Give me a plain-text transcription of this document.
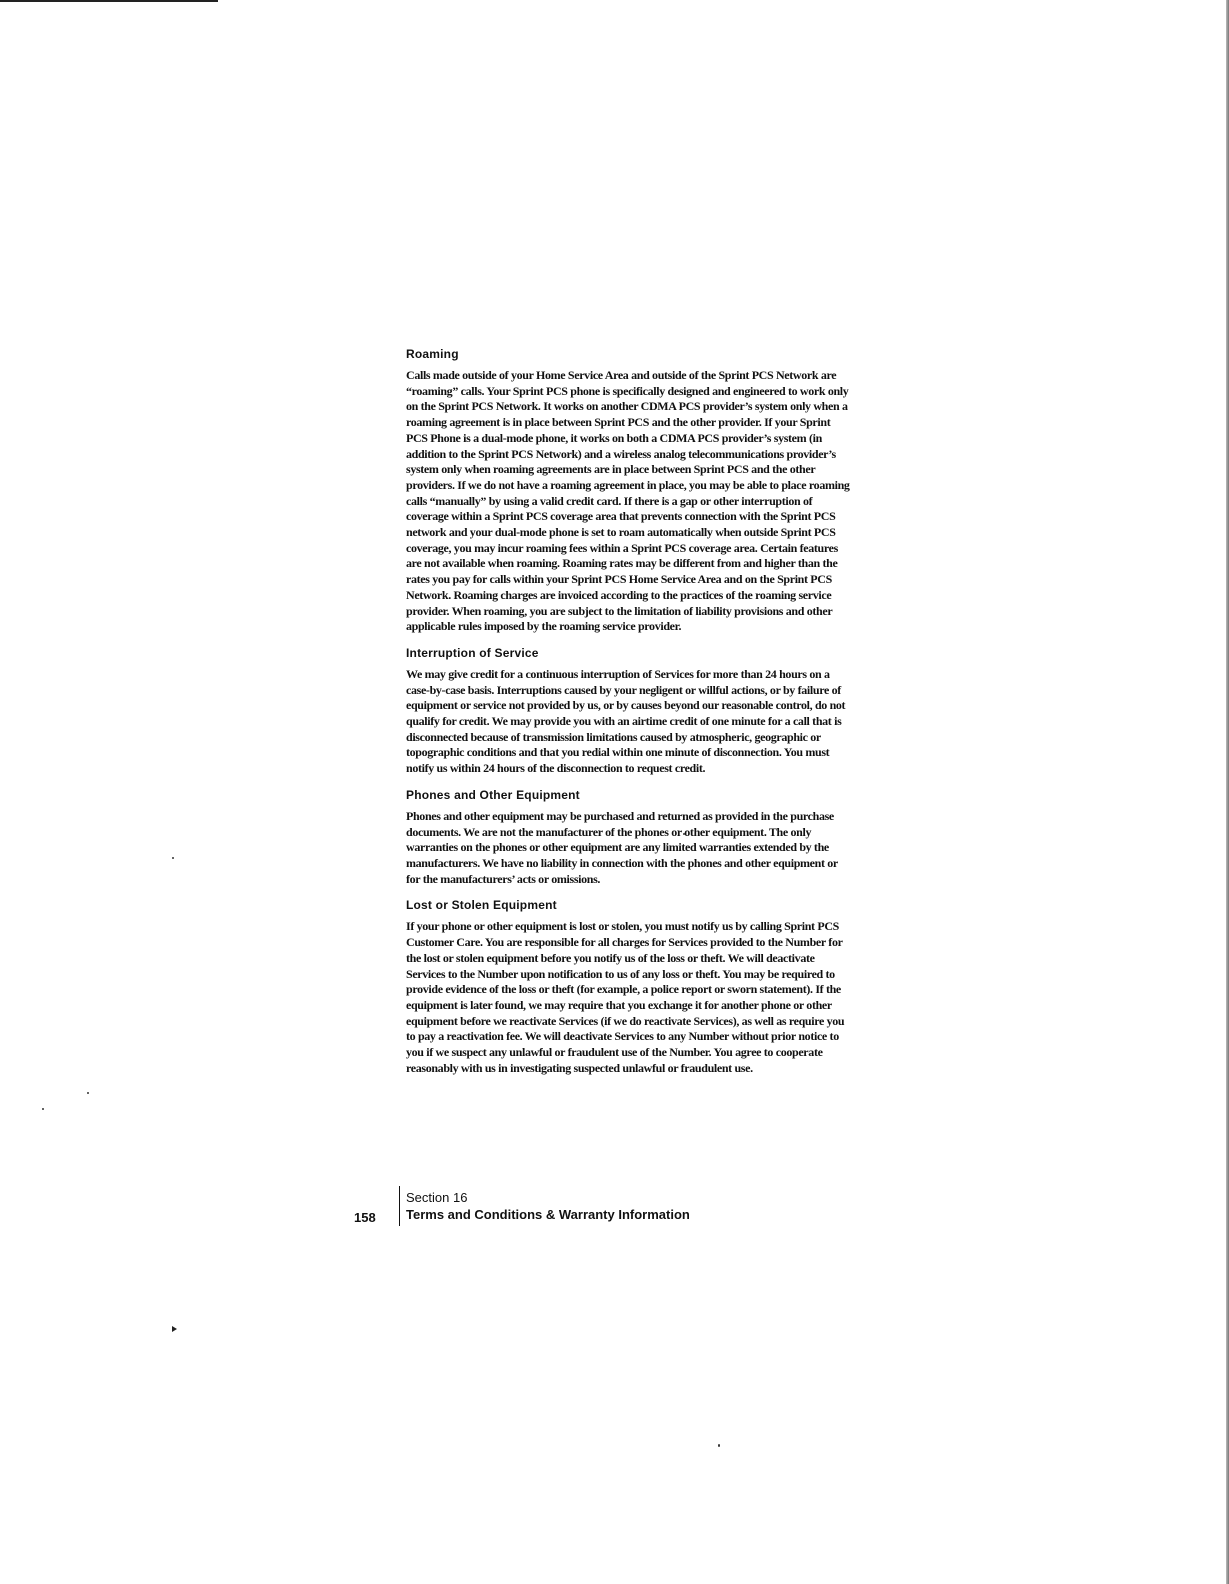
Roaming

Calls made outside of your Home Service Area and outside of the Sprint PCS Network are “roaming” calls. Your Sprint PCS phone is specifically designed and engineered to work only on the Sprint PCS Network. It works on another CDMA PCS provider’s system only when a roaming agreement is in place between Sprint PCS and the other provider. If your Sprint PCS Phone is a dual-mode phone, it works on both a CDMA PCS provider’s system (in addition to the Sprint PCS Network) and a wireless analog telecommunications provider’s system only when roaming agreements are in place between Sprint PCS and the other providers. If we do not have a roaming agreement in place, you may be able to place roaming calls “manually” by using a valid credit card. If there is a gap or other interruption of coverage within a Sprint PCS coverage area that prevents connection with the Sprint PCS network and your dual-mode phone is set to roam automatically when outside Sprint PCS coverage, you may incur roaming fees within a Sprint PCS coverage area. Certain features are not available when roaming. Roaming rates may be different from and higher than the rates you pay for calls within your Sprint PCS Home Service Area and on the Sprint PCS Network. Roaming charges are invoiced according to the practices of the roaming service provider. When roaming, you are subject to the limitation of liability provisions and other applicable rules imposed by the roaming service provider.

Interruption of Service

We may give credit for a continuous interruption of Services for more than 24 hours on a case-by-case basis. Interruptions caused by your negligent or willful actions, or by failure of equipment or service not provided by us, or by causes beyond our reasonable control, do not qualify for credit. We may provide you with an airtime credit of one minute for a call that is disconnected because of transmission limitations caused by atmospheric, geographic or topographic conditions and that you redial within one minute of disconnection. You must notify us within 24 hours of the disconnection to request credit.

Phones and Other Equipment

Phones and other equipment may be purchased and returned as provided in the purchase documents. We are not the manufacturer of the phones or other equipment. The only warranties on the phones or other equipment are any limited warranties extended by the manufacturers. We have no liability in connection with the phones and other equipment or for the manufacturers’ acts or omissions.

Lost or Stolen Equipment

If your phone or other equipment is lost or stolen, you must notify us by calling Sprint PCS Customer Care. You are responsible for all charges for Services provided to the Number for the lost or stolen equipment before you notify us of the loss or theft. We will deactivate Services to the Number upon notification to us of any loss or theft. You may be required to provide evidence of the loss or theft (for example, a police report or sworn statement). If the equipment is later found, we may require that you exchange it for another phone or other equipment before we reactivate Services (if we do reactivate Services), as well as require you to pay a reactivation fee. We will deactivate Services to any Number without prior notice to you if we suspect any unlawful or fraudulent use of the Number. You agree to cooperate reasonably with us in investigating suspected unlawful or fraudulent use.

158
Section 16
Terms and Conditions & Warranty Information
